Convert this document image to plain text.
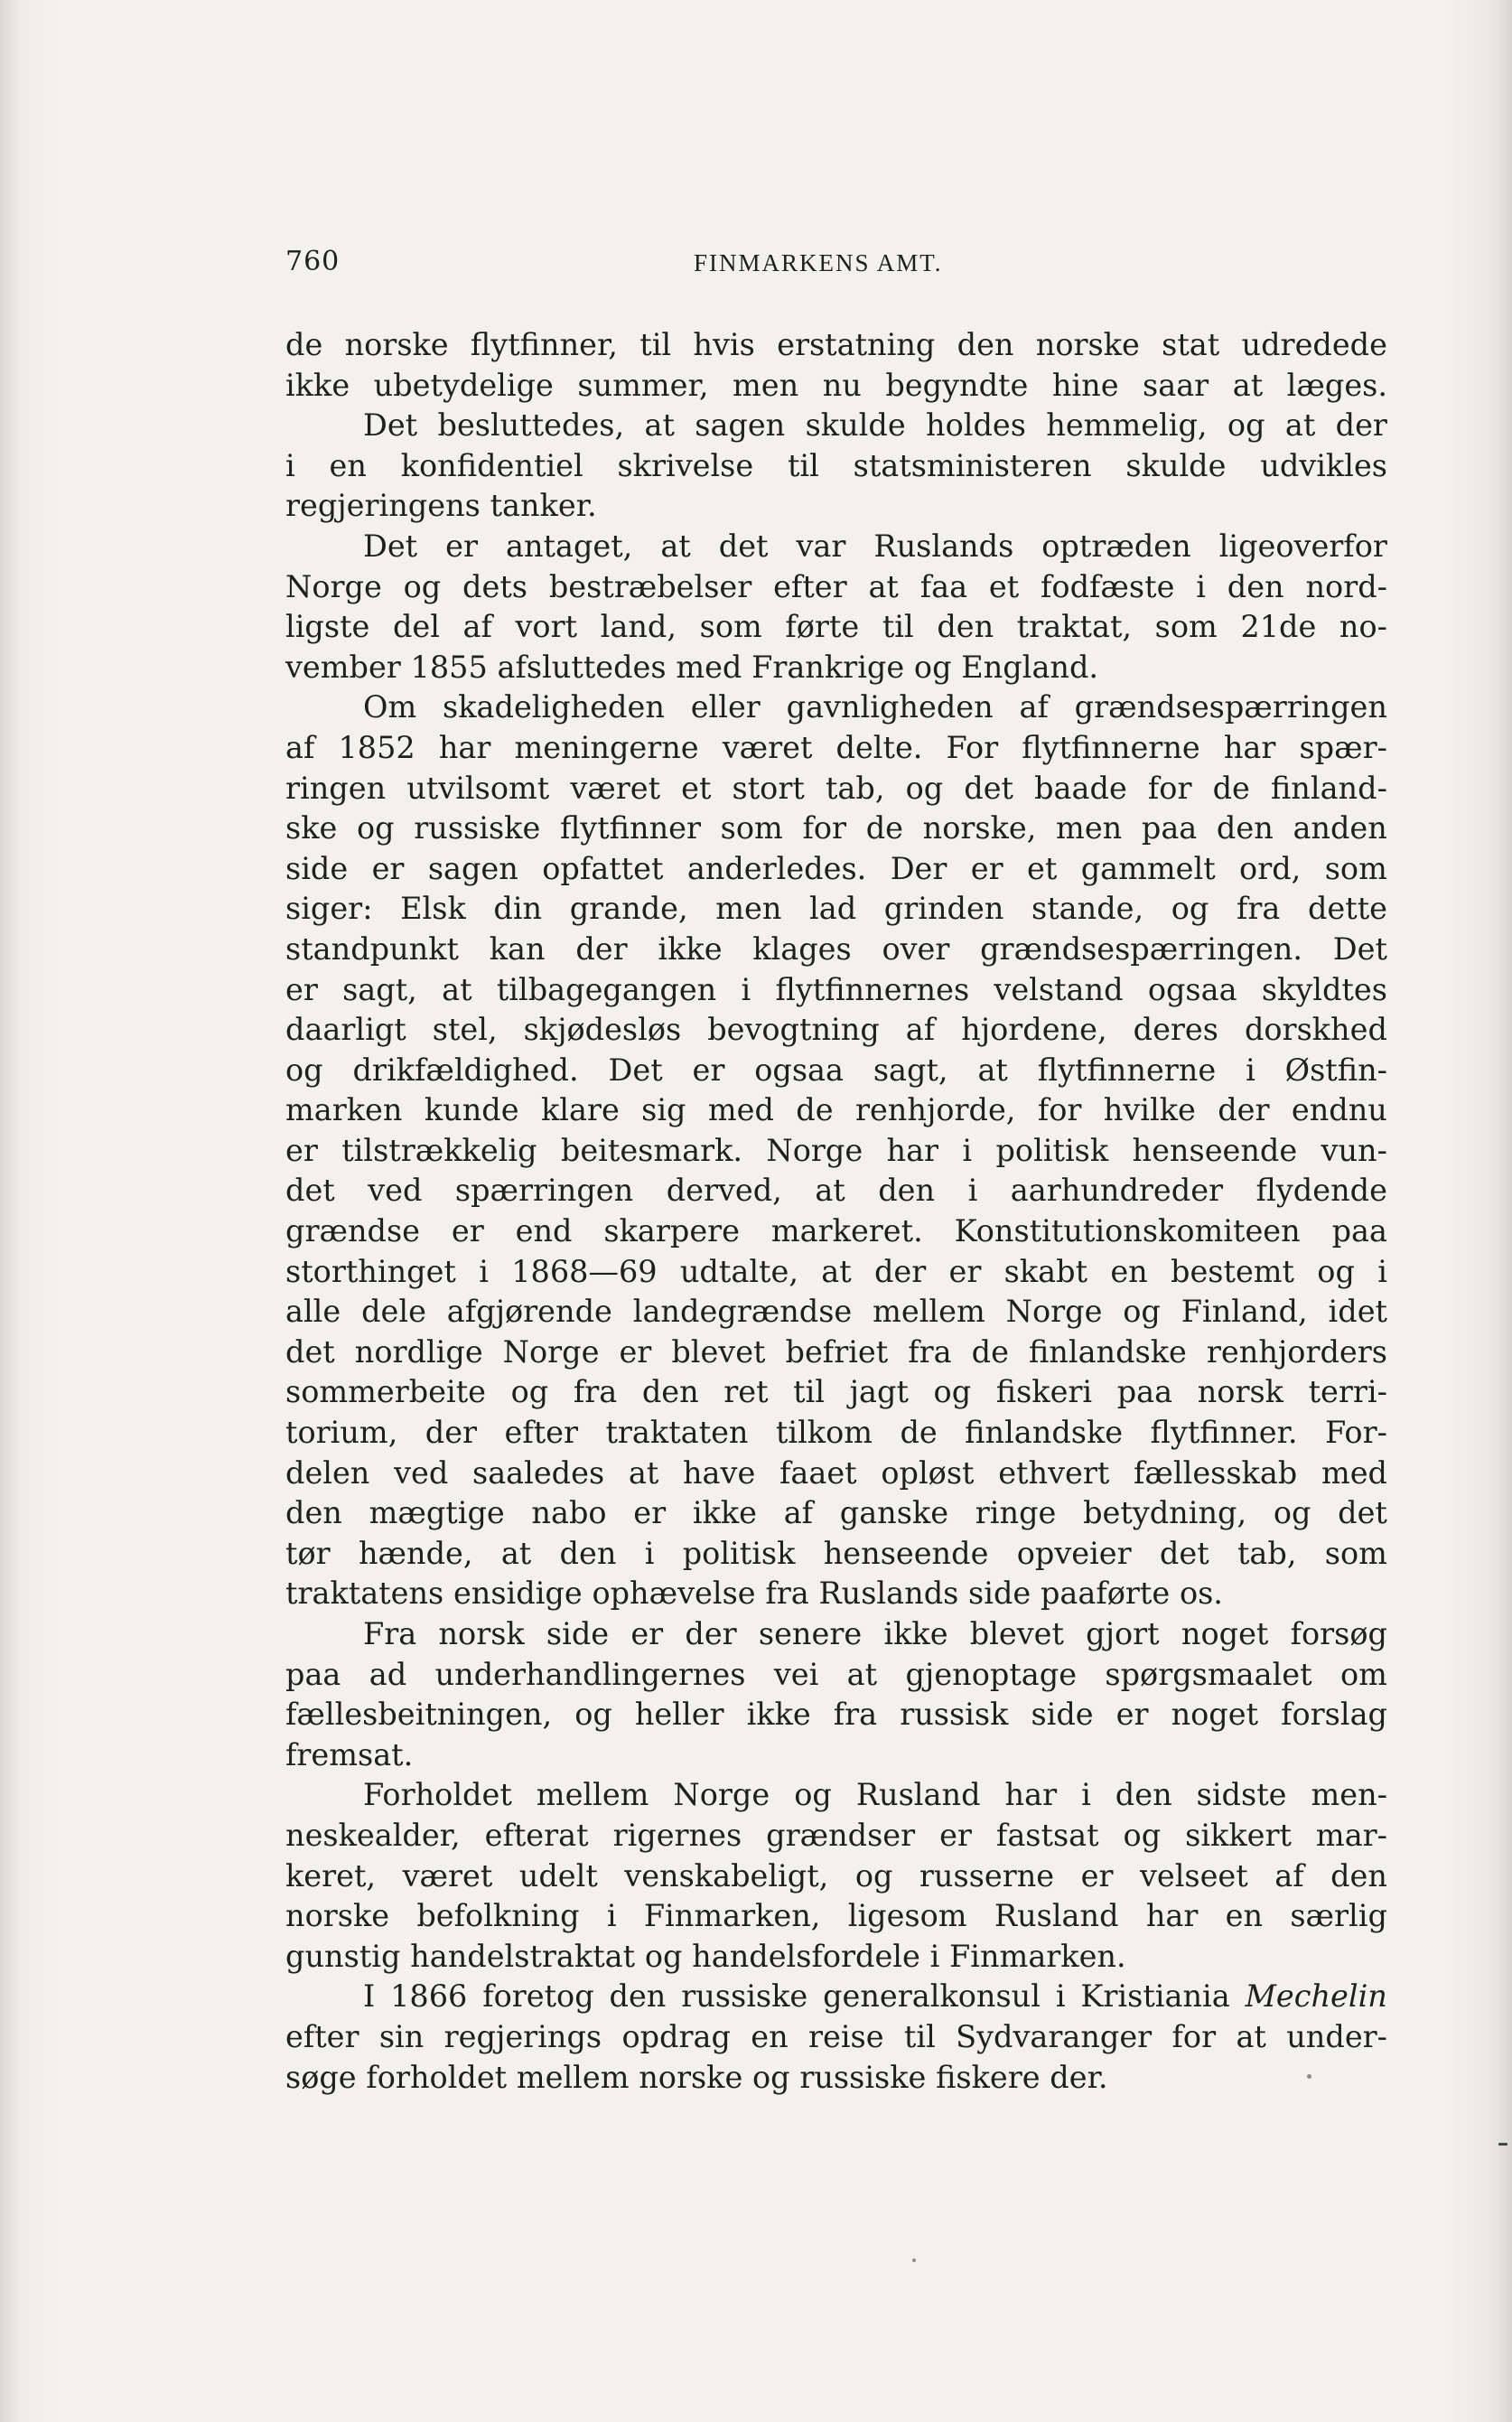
760	FINMARKENS AMT.
de norske flytfinner, til hvis erstatning den norske stat udredede
ikke ubetydelige summer, men nu begyndte hine saar at læges.
Det besluttedes, at sagen skulde holdes hemmelig, og at der
i en konfidentiel skrivelse til statsministeren skulde udvikles
regjeringens tanker.
Det er antaget, at det var Ruslands optræden ligeoverfor
Norge og dets bestræbelser efter at faa et fodfæste i den nord-
ligste del af vort land, som førte til den traktat, som 21de no-
vember 1855 afsluttedes med Frankrige og England.
Om skadeligheden eller gavnligheden af grændsespærringen
af 1852 har meningerne været delte. For flytfinnerne har spær-
ringen utvilsomt været et stort tab, og det baade for de finland-
ske og russiske flytfinner som for de norske, men paa den anden
side er sagen opfattet anderledes. Der er et gammelt ord, som
siger: Elsk din grande, men lad grinden stande, og fra dette
standpunkt kan der ikke klages over grændsespærringen. Det
er sagt, at tilbagegangen i flytfinnernes velstand ogsaa skyldtes
daarligt stel, skjødesløs bevogtning af hjordene, deres dorskhed
og drikfældighed. Det er ogsaa sagt, at flytfinnerne i Østfin-
marken kunde klare sig med de renhjorde, for hvilke der endnu
er tilstrækkelig beitesmark. Norge har i politisk henseende vun-
det ved spærringen derved, at den i aarhundreder flydende
grændse er end skarpere markeret. Konstitutionskomiteen paa
storthinget i 1868—69 udtalte, at der er skabt en bestemt og i
alle dele afgjørende landegrændse mellem Norge og Finland, idet
det nordlige Norge er blevet befriet fra de finlandske renhjorders
sommerbeite og fra den ret til jagt og fiskeri paa norsk terri-
torium, der efter traktaten tilkom de finlandske flytfinner. For-
delen ved saaledes at have faaet opløst ethvert fællesskab med
den mægtige nabo er ikke af ganske ringe betydning, og det
tør hænde, at den i politisk henseende opveier det tab, som
traktatens ensidige ophævelse fra Ruslands side paaførte os.
Fra norsk side er der senere ikke blevet gjort noget forsøg
paa ad underhandlingernes vei at gjenoptage spørgsmaalet om
fællesbeitningen, og heller ikke fra russisk side er noget forslag
fremsat.
Forholdet mellem Norge og Rusland har i den sidste men-
neskealder, efterat rigernes grændser er fastsat og sikkert mar-
keret, været udelt venskabeligt, og russerne er velseet af den
norske befolkning i Finmarken, ligesom Rusland har en særlig
gunstig handelstraktat og handelsfordele i Finmarken.
I 1866 foretog den russiske generalkonsul i Kristiania Mechelin
efter sin regjerings opdrag en reise til Sydvaranger for at under-
søge forholdet mellem norske og russiske fiskere der.
